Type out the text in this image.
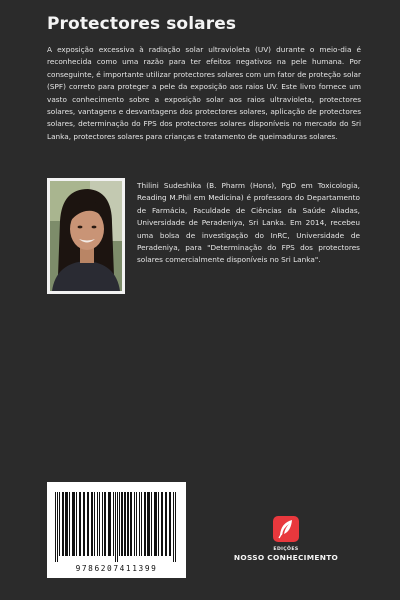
Protectores solares
A exposição excessiva à radiação solar ultravioleta (UV) durante o meio-dia é reconhecida como uma razão para ter efeitos negativos na pele humana. Por conseguinte, é importante utilizar protectores solares com um fator de proteção solar (SPF) correto para proteger a pele da exposição aos raios UV. Este livro fornece um vasto conhecimento sobre a exposição solar aos raios ultravioleta, protectores solares, vantagens e desvantagens dos protectores solares, aplicação de protectores solares, determinação do FPS dos protectores solares disponíveis no mercado do Sri Lanka, protectores solares para crianças e tratamento de queimaduras solares.
Thilini Sudeshika (B. Pharm (Hons), PgD em Toxicologia, Reading M.Phil em Medicina) é professora do Departamento de Farmácia, Faculdade de Ciências da Saúde Aliadas, Universidade de Peradeniya, Sri Lanka. Em 2014, recebeu uma bolsa de investigação do InRC, Universidade de Peradeniya, para "Determinação do FPS dos protectores solares comercialmente disponíveis no Sri Lanka".
9786207411399
EDIÇÕES
NOSSO CONHECIMENTO
